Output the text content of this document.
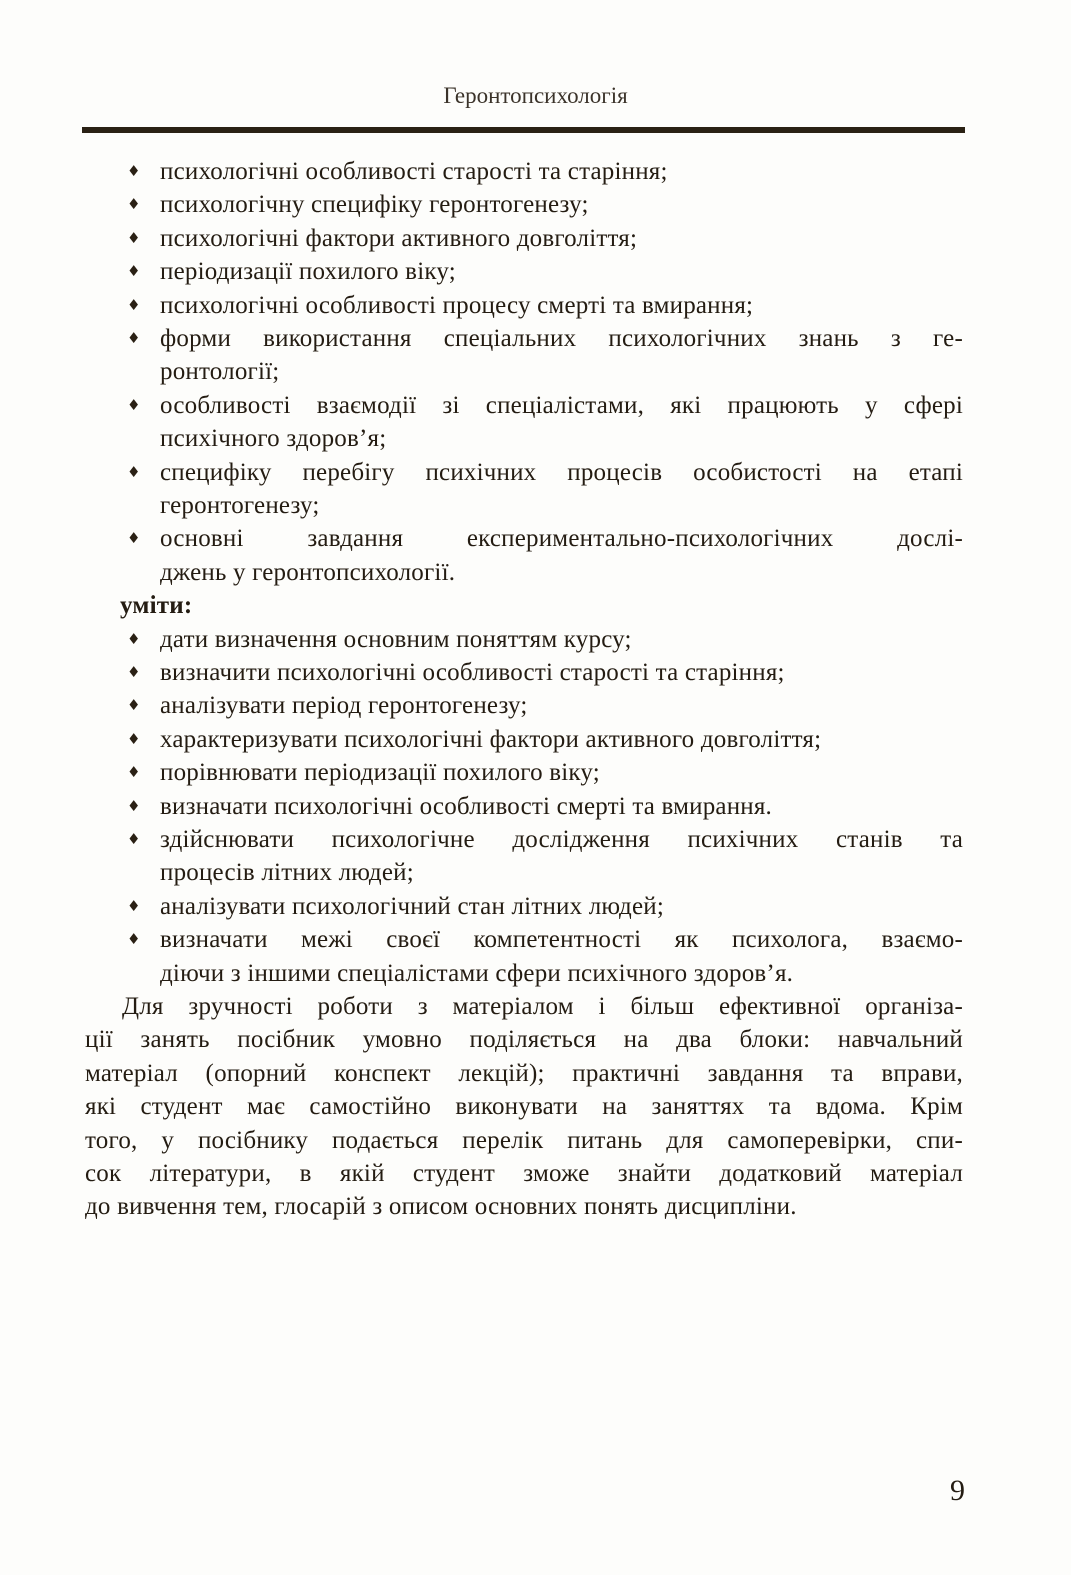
Геронтопсихологія
♦ психологічні особливості старості та старіння;
♦ психологічну специфіку геронтогенезу;
♦ психологічні фактори активного довголіття;
♦ періодизації похилого віку;
♦ психологічні особливості процесу смерті та вмирання;
♦ форми використання спеціальних психологічних знань з ге-
ронтології;
♦ особливості взаємодії зі спеціалістами, які працюють у сфері
психічного здоров’я;
♦ специфіку перебігу психічних процесів особистості на етапі
геронтогенезу;
♦ основні завдання експериментально-психологічних дослі-
джень у геронтопсихології.
уміти:
♦ дати визначення основним поняттям курсу;
♦ визначити психологічні особливості старості та старіння;
♦ аналізувати період геронтогенезу;
♦ характеризувати психологічні фактори активного довголіття;
♦ порівнювати періодизації похилого віку;
♦ визначати психологічні особливості смерті та вмирання.
♦ здійснювати психологічне дослідження психічних станів та
процесів літних людей;
♦ аналізувати психологічний стан літних людей;
♦ визначати межі своєї компетентності як психолога, взаємо-
діючи з іншими спеціалістами сфери психічного здоров’я.
Для зручності роботи з матеріалом і більш ефективної організа-
ції занять посібник умовно поділяється на два блоки: навчальний
матеріал (опорний конспект лекцій); практичні завдання та вправи,
які студент має самостійно виконувати на заняттях та вдома. Крім
того, у посібнику подається перелік питань для самоперевірки, спи-
сок літератури, в якій студент зможе знайти додатковий матеріал
до вивчення тем, глосарій з описом основних понять дисципліни.
9
